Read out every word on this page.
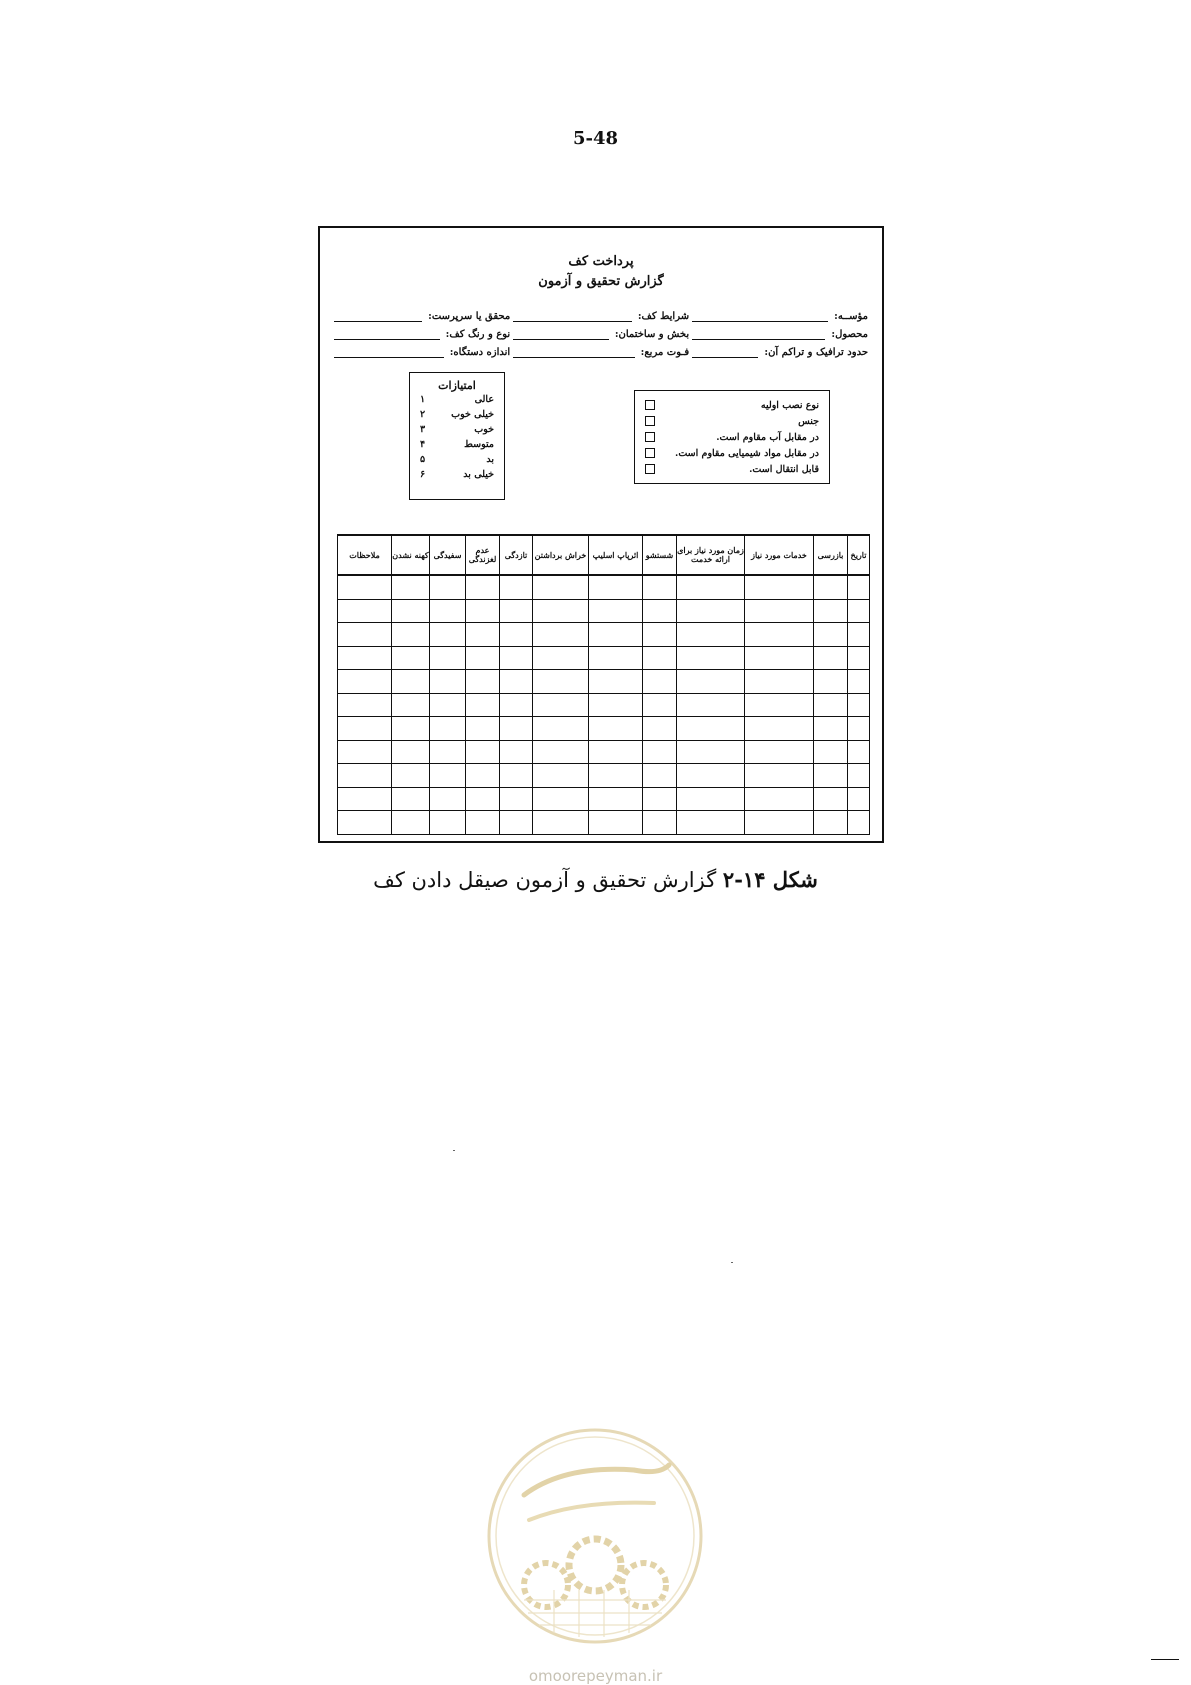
5-48
پرداخت کف
گزارش تحقیق و آزمون
مؤســه:
شرایط کف:
محقق یا سرپرست:
محصول:
بخش و ساختمان:
نوع و رنگ کف:
حدود ترافیک و تراکم آن:
فـوت مربع:
اندازه دستگاه:
امتیازات
عالی
۱
خیلی خوب
۲
خوب
۳
متوسط
۴
بد
۵
خیلی بد
۶
نوع نصب اولیه
جنس
در مقابل آب مقاوم است.
در مقابل مواد شیمیایی مقاوم است.
قابل انتقال است.
تاریخ	بازرسی	خدمات مورد نیاز	زمان مورد نیاز برای ارائه خدمت	شستشو	اثرپاپ اسلیپ	خراش برداشتن	تازدگی	عدم لغزندگی	سفیدگی	کهنه نشدن	ملاحظات

شکل ۱۴-۲ گزارش تحقیق و آزمون صیقل دادن کف
omoorepeyman.ir
